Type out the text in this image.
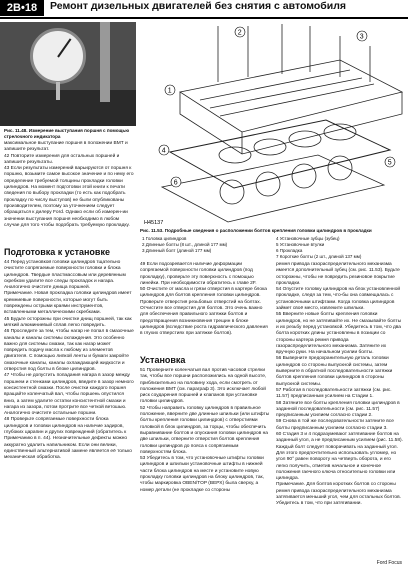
2B•18	Ремонт дизельных двигателей без снятия с автомобиля
Рис. 11.48. Измерение выступания поршня с помощью стрелочного индикатора
1
2
3
4
5
6
H45137
Рис. 11.53. Подробные сведения о расположении болтов крепления головки цилиндров в прокладки
1 Головка цилиндров
2 Длинные болты (8 шт., длиной 177 мм)
3 Длинный болт (длиной 177 мм)
4 Установочные зубцы (зубец)
5 Установочные втулки
6 Прокладка
7 Короткие болты (2 шт., длиной 137 мм)
максимальное выступание поршня в положении ВМТ и запишите результат.
42 Повторите измерения для остальных поршней и запишите результаты.
43 Если результаты измерений варьируются от поршня к поршню, возьмите самое высокое значение и по нему его определение требуемой толщины прокладки головки цилиндров. На момент подготовки этой книги к печати сведения по выбору прокладки (то есть как подобрать прокладку по числу выступов) не были опубликованы производителем, поэтому за уточнением следует обращаться к дилеру Ford. Однако если об измерен-ии значении выступания поршня необходимо в любом случае для того чтобы подобрать требуемую прокладку.
Подготовка к установке
44 Перед установкой головки цилиндров тщательно очистите сопрягаемые поверхности головки и блока цилиндров. Твердые пластмассовым или деревянным скребком удалите все следы прокладок и нагара. Аналогично очистите днища поршней.
Примечание. Новая прокладка головки цилиндров имеет кремниевые поверхности, которые могут быть повреждены острыми краями инструментов, вставленными металлическими скребками.
45 Будьте осторожны при очистке днищ поршней, так как мягкий алюминиевый сплав легко повредить.
46 Проследите за тем, чтобы нагар не попал в смазочные каналы и каналы системы охлаждения. Это особенно важно для системы смазки, так как нагар может повредить подачу масла к любому из элементов двигателя. С помощью липкой ленты и бумаги закройте смазочные каналы, каналы охлаждающей жидкости и отверстия под болты в блоке цилиндров.
47 Чтобы не допустить попадания нагара в зазор между поршнем и стенками цилиндров, введите в зазор немного консистентной смазки. После очистки каждого поршня вращайте коленчатый вал, чтобы поршень опустился вниз, а затем удалите остатки консистентной смазки и нагара из зазора, потом протрите все четкой ветошью. Аналогично очистите остальные поршни.
48 Проверьте сопрягаемые поверхности блока цилиндров и головки цилиндров на наличие задиров, глубоких царапин и других повреждений (обратитесь к Примечанию в п. 44). Незначительные дефекты можно аккуратно удалить напильником. Если они велики, единственный альтернативой замене является её только механическая обработка.
49 Если подозревается наличие деформации сопрягаемой поверхности головки цилиндров (под прокладку), проверьте эту поверхность с помощью линейки. При необходимости обратитесь к главе 2F.
50 Очистите от масла и грязи отверстия в картере блока цилиндров для болтов крепления головки цилиндров. Проверьте отверстия резьбовых отверстий на болтах. Отчистите все отверстия для болтов. Это очень важно для обеспечения правильного затяжки болтов и предотвращения возникновения трещин в блоке цилиндров (вследствие роста гидравлического давления в глухих отверстиях при затяжке болтов).
Установка
51 Проверните коленчатый вал против часовой стрелки так, чтобы все поршни расположились на одной высоте, приблизительно на половину хода, если смотреть от положения ВМТ (см. параграф 3). Это исключает любой риск соударения поршней и клапанов при установке головки цилиндров.
52 Чтобы направить головку цилиндров в правильное положение, вверните две длинные шпильки (или штифты болты крепления головки цилиндров) с отверстиями головкой в блок цилиндров, за торцы, чтобы обеспечить выравнивание болтов и опускания головки цилиндров на две шпильки, отверните отверстия болтов крепления головки цилиндров до пояса к сопрягаемым поверхностям блока.
53 Убедитесь в том, что установочные штифты головки цилиндров и шпильки установочные штифты в нижней части блока цилиндров на месте и установите новую прокладку головки цилиндров на блоку цилиндров, так, чтобы маркировка OBEN/TOP (ВЕРХ) была сверху, а номер детали (не прокладке со стороны
ремня привода газораспределительного механизма имеется дополнительный зубец (см. рис. 11.53). Будьте осторожны, чтобы не повредить резиновое покрытие прокладки.
54 Опустите головку цилиндров на блок установленной прокладке, следя за тем, что-бы она совмещалась с установочными штифтами. Когда головка цилиндров займет своё место, извлеките шпильки.
55 Вверните новые болты крепления головки цилиндров, но не затягивайте их. Не смазывайте болты и их резьбу перед установкой. Убедитесь в том, что два болта коротких длины установлены в позиции со стороны картера ремня привода газораспределительного механизма. Затяните их вручную руки. На начальном усилии болты.
56 Выверните предохранительную деталь головки цилиндров со стороны выпускной системы, затем выверните в обратной последовательности затяжки болтов крепления головки цилиндров в стороны выпускной системы.
57 Работая в последовательности затяжки (см. рис. 11.57) предписанным усилием на Стадии 1.
58 Затяните все болты крепления головки цилиндров в заданной последовательности (см. рис. 11.57) предписанным усилием согласно стадии 2.
59 Снова в той же последовательности затяните все болты предписанным усилием согласно стадии 3.
60 Стадия 3 и 4 подразумевают затягивание болтов на заданный угол, а не предписанным усилием (рис. 11.58). Каждый болт следует поворачивать на заданный угол. Для этого предпочтительно использовать угломер, но угол 90° равен повороту на четверть оборота, и его легко получить, отметив начальное и конечное положения гаечного ключа относительно головки или цилиндра.
Примечание. Для болтов коротких болтов со стороны ремня привода газораспределительного механизма затягивается меньший угол, чем для остальных болтов. Убедитесь в том, что при затягивании.
Ford Focus
